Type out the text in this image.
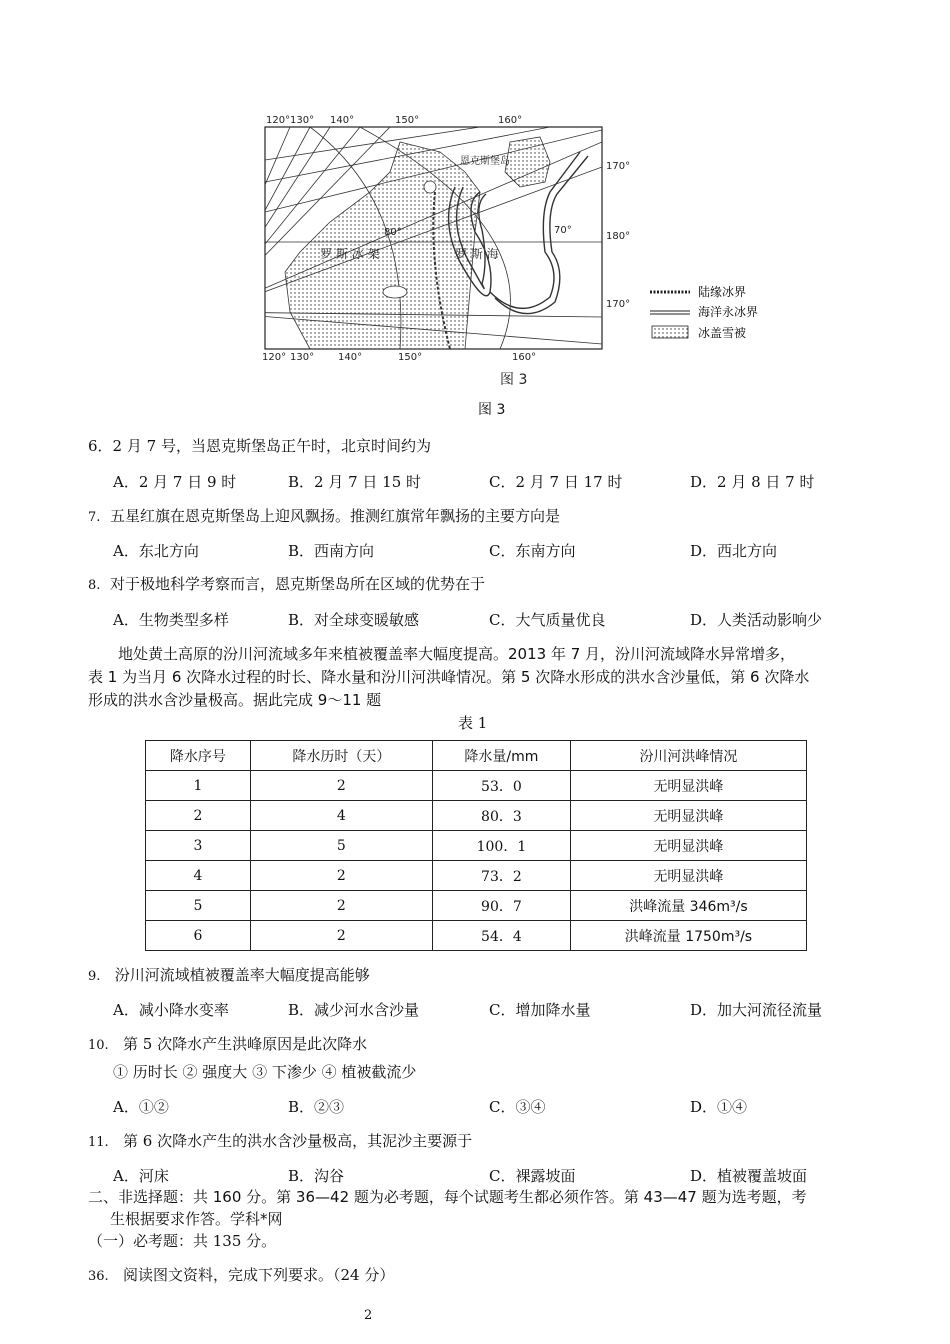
120° 130° 140°	150°	160°
120° 130° 140°	150°	160°
170°
180°
170°
80°	70°
恩克斯堡岛
罗 斯 冰 架	罗 斯 海
图 3
陆缘冰界
海洋永冰界
冰盖雪被
图 3
6．2 月 7 号，当恩克斯堡岛正午时，北京时间约为
A．2 月 7 日 9 时	B．2 月 7 日 15 时	C．2 月 7 日 17 时	D．2 月 8 日 7 时
7. 五星红旗在恩克斯堡岛上迎风飘扬。推测红旗常年飘扬的主要方向是
A．东北方向	B．西南方向	C．东南方向	D．西北方向
8. 对于极地科学考察而言，恩克斯堡岛所在区域的优势在于
A．生物类型多样	B．对全球变暖敏感	C．大气质量优良	D．人类活动影响少
地处黄土高原的汾川河流域多年来植被覆盖率大幅度提高。2013 年 7 月，汾川河流域降水异常增多，
表 1 为当月 6 次降水过程的时长、降水量和汾川河洪峰情况。第 5 次降水形成的洪水含沙量低，第 6 次降水
形成的洪水含沙量极高。据此完成 9～11 题
表 1
降水序号	降水历时（天）	降水量/mm	汾川河洪峰情况
1	2	53．0	无明显洪峰
2	4	80．3	无明显洪峰
3	5	100．1	无明显洪峰
4	2	73．2	无明显洪峰
5	2	90．7	洪峰流量 346m³/s
6	2	54．4	洪峰流量 1750m³/s
9. 汾川河流域植被覆盖率大幅度提高能够
A．减小降水变率	B．减少河水含沙量	C．增加降水量	D．加大河流径流量
10. 第 5 次降水产生洪峰原因是此次降水
① 历时长 ② 强度大 ③ 下渗少 ④ 植被截流少
A．①②	B．②③	C．③④	D．①④
11. 第 6 次降水产生的洪水含沙量极高，其泥沙主要源于
A．河床	B．沟谷	C．裸露坡面	D．植被覆盖坡面
二、非选择题：共 160 分。第 36—42 题为必考题，每个试题考生都必须作答。第 43—47 题为选考题，考
生根据要求作答。学科*网
（一）必考题：共 135 分。
36. 阅读图文资料，完成下列要求。（24 分）
2
